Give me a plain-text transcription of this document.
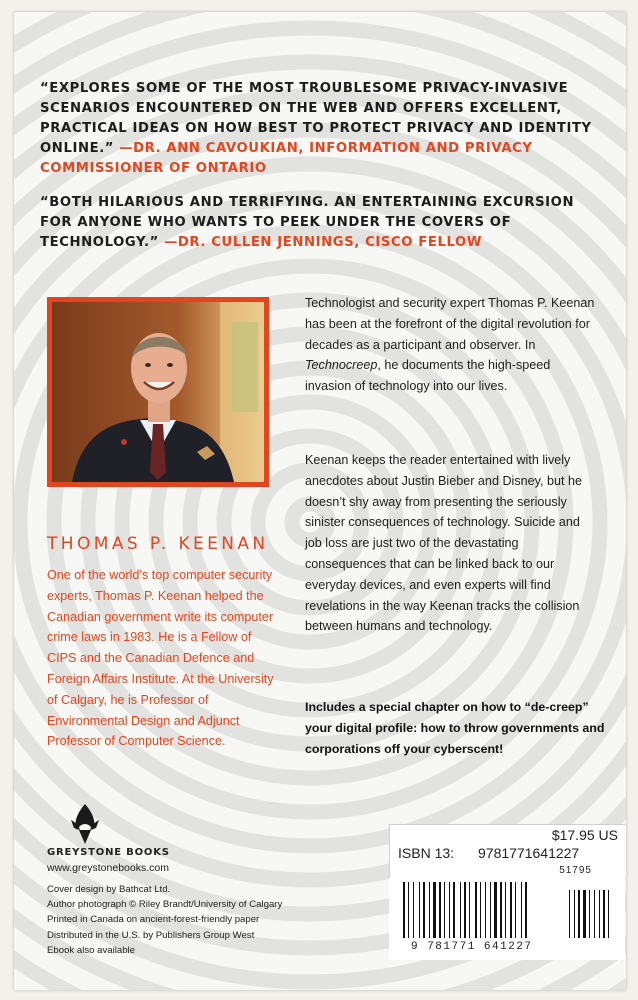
“EXPLORES SOME OF THE MOST TROUBLESOME PRIVACY-INVASIVE SCENARIOS ENCOUNTERED ON THE WEB AND OFFERS EXCELLENT, PRACTICAL IDEAS ON HOW BEST TO PROTECT PRIVACY AND IDENTITY ONLINE.” —DR. ANN CAVOUKIAN, INFORMATION AND PRIVACY COMMISSIONER OF ONTARIO
“BOTH HILARIOUS AND TERRIFYING. AN ENTERTAINING EXCURSION FOR ANYONE WHO WANTS TO PEEK UNDER THE COVERS OF TECHNOLOGY.” —DR. CULLEN JENNINGS, CISCO FELLOW
THOMAS P. KEENAN
One of the world’s top computer security experts, Thomas P. Keenan helped the Canadian government write its computer crime laws in 1983. He is a Fellow of CIPS and the Canadian Defence and Foreign Affairs Institute. At the University of Calgary, he is Professor of Environmental Design and Adjunct Professor of Computer Science.
Technologist and security expert Thomas P. Keenan has been at the forefront of the digital revolution for decades as a participant and observer. In Technocreep, he documents the high-speed invasion of technology into our lives.
Keenan keeps the reader entertained with lively anecdotes about Justin Bieber and Disney, but he doesn’t shy away from presenting the seriously sinister consequences of technology. Suicide and job loss are just two of the devastating consequences that can be linked back to our everyday devices, and even experts will find revelations in the way Keenan tracks the collision between humans and technology.
Includes a special chapter on how to “de-creep” your digital profile: how to throw governments and corporations off your cyberscent!
GREYSTONE BOOKS
www.greystonebooks.com
Cover design by Bathcat Ltd.
Author photograph © Riley Brandt/University of Calgary
Printed in Canada on ancient-forest-friendly paper
Distributed in the U.S. by Publishers Group West
Ebook also available
$17.95 US
ISBN 13: 9781771641227
51795
9 781771 641227
